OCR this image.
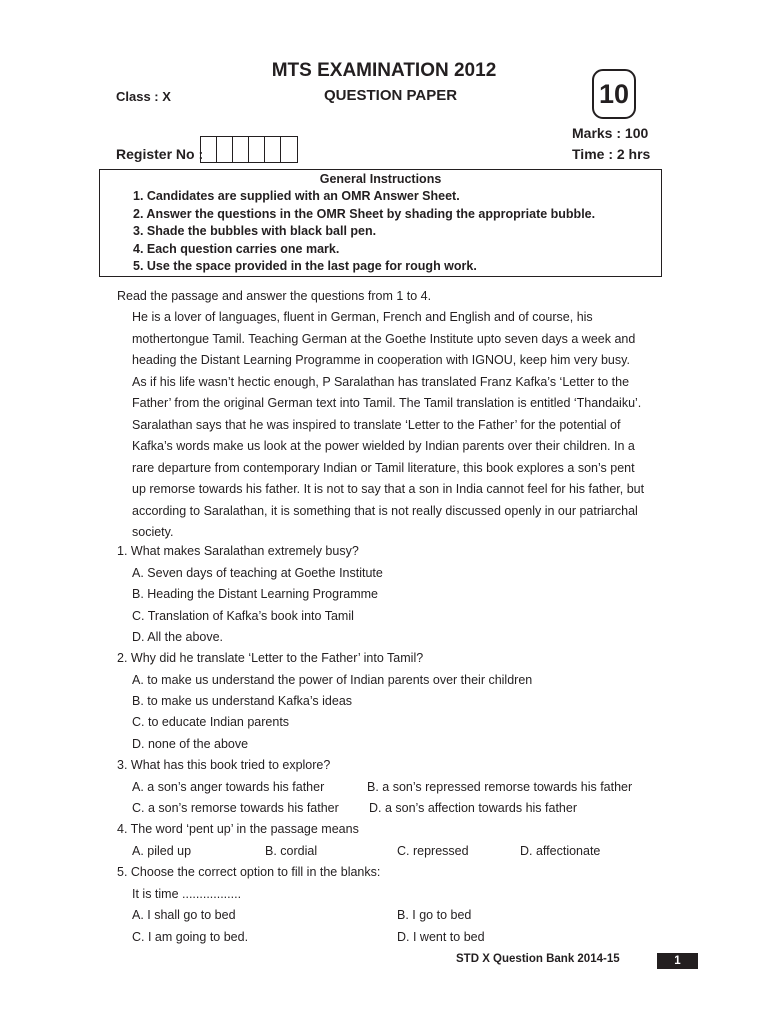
MTS EXAMINATION 2012
QUESTION PAPER
Class : X	10
Marks : 100
Time : 2 hrs
Register No :
General Instructions
1. Candidates are supplied with an OMR Answer Sheet.
2. Answer the questions in the OMR Sheet by shading the appropriate bubble.
3. Shade the bubbles with black ball pen.
4. Each question carries one mark.
5. Use the space provided in the last page for rough work.
Read the passage and answer the questions from 1 to 4.
He is a lover of languages, fluent in German, French and English and of course, his
mothertongue Tamil. Teaching German at the Goethe Institute upto seven days a week and
heading the Distant Learning Programme in cooperation with IGNOU, keep him very busy.
As if his life wasn’t hectic enough, P Saralathan has translated Franz Kafka’s ‘Letter to the
Father’ from the original German text into Tamil. The Tamil translation is entitled ‘Thandaiku’.
Saralathan says that he was inspired to translate ‘Letter to the Father’ for the potential of
Kafka’s words make us look at the power wielded by Indian parents over their children. In a
rare departure from contemporary Indian or Tamil literature, this book explores a son’s pent
up remorse towards his father. It is not to say that a son in India cannot feel for his father, but
according to Saralathan, it is something that is not really discussed openly in our patriarchal
society.
1. What makes Saralathan extremely busy?
A. Seven days of teaching at Goethe Institute
B. Heading the Distant Learning Programme
C. Translation of Kafka’s book into Tamil
D. All the above.
2. Why did he translate ‘Letter to the Father’ into Tamil?
A. to make us understand the power of Indian parents over their children
B. to make us understand Kafka’s ideas
C. to educate Indian parents
D. none of the above
3. What has this book tried to explore?
A. a son’s anger towards his father	B. a son’s repressed remorse towards his father
C. a son’s remorse towards his father D. a son’s affection towards his father
4. The word ‘pent up’ in the passage means
A. piled up	B. cordial	C. repressed	D. affectionate
5. Choose the correct option to fill in the blanks:
It is time .................
A. I shall go to bed	B. I go to bed
C. I am going to bed.	D. I went to bed
STD X Question Bank 2014-15	1
